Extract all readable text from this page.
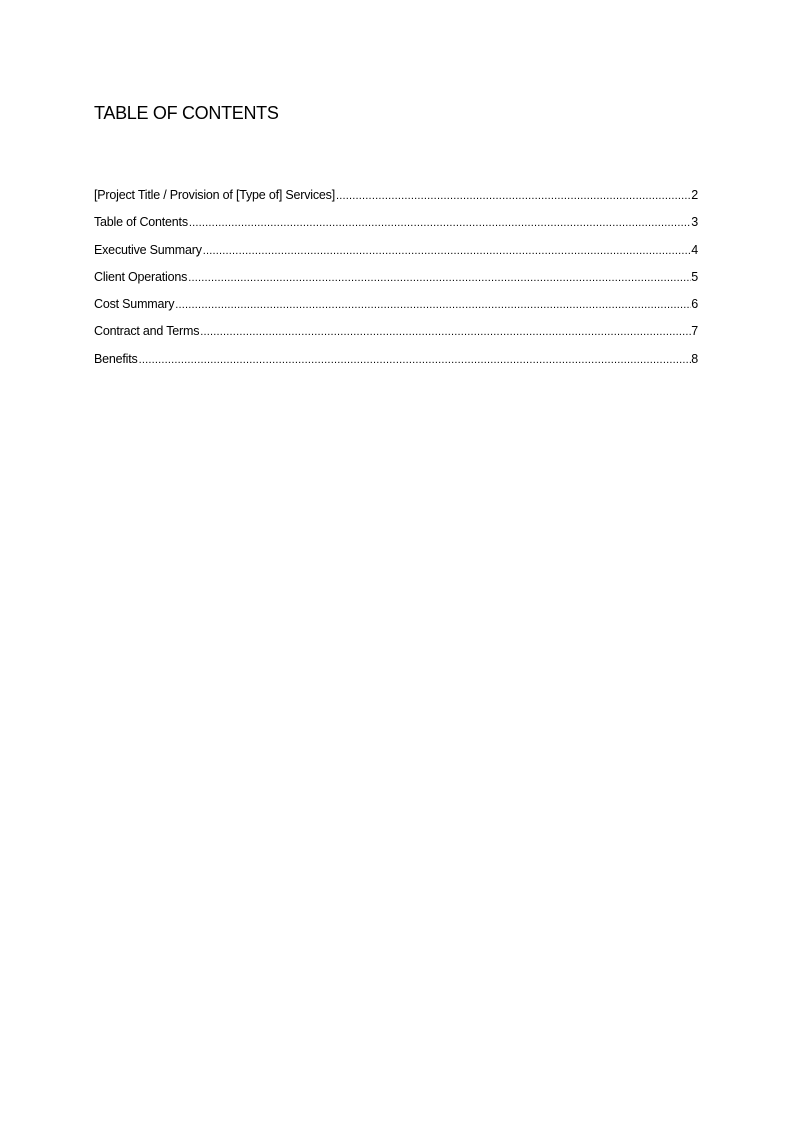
TABLE OF CONTENTS
[Project Title / Provision of [Type of] Services] .....	2
Table of Contents .....	3
Executive Summary .....	4
Client Operations .....	5
Cost Summary .....	6
Contract and Terms .....	7
Benefits .....	8
